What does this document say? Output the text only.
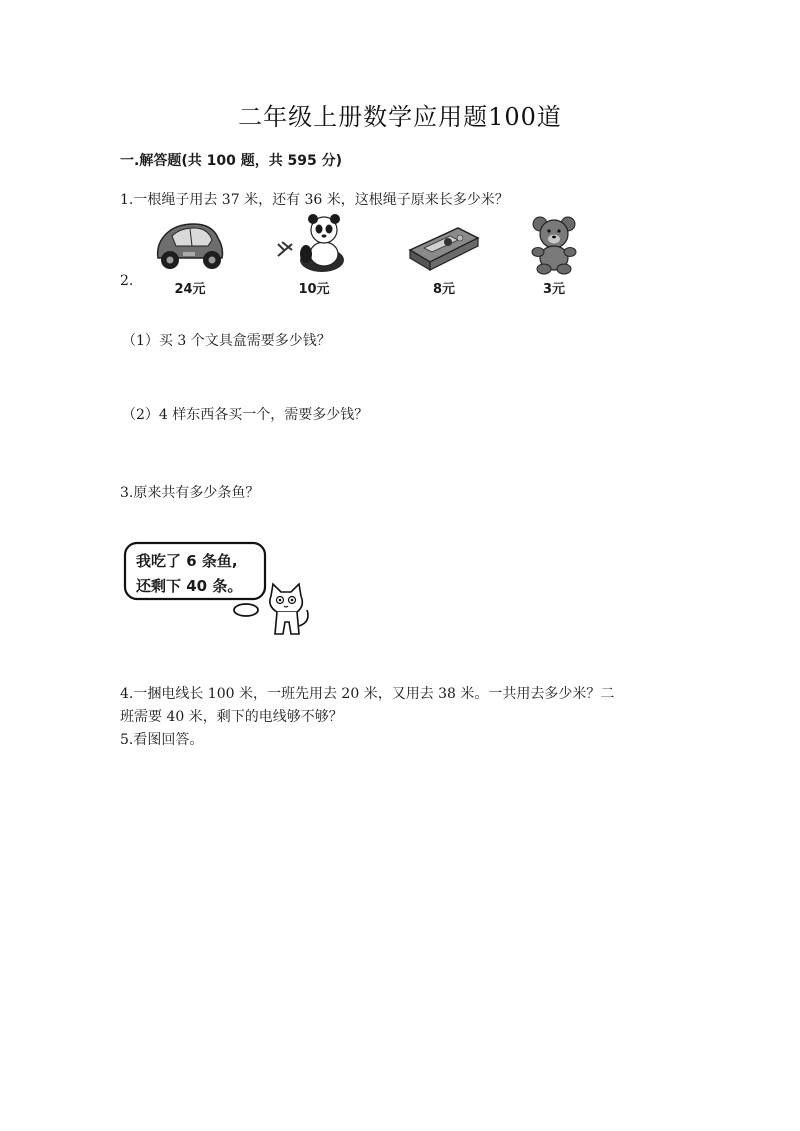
二年级上册数学应用题100道
一.解答题(共 100 题，共 595 分)
1.一根绳子用去 37 米，还有 36 米，这根绳子原来长多少米？
2.
24元	10元	8元	3元
（1）买 3 个文具盒需要多少钱？
（2）4 样东西各买一个，需要多少钱？
3.原来共有多少条鱼？
我吃了 6 条鱼,
还剩下 40 条。
4.一捆电线长 100 米，一班先用去 20 米，又用去 38 米。一共用去多少米？二
班需要 40 米，剩下的电线够不够？
5.看图回答。
